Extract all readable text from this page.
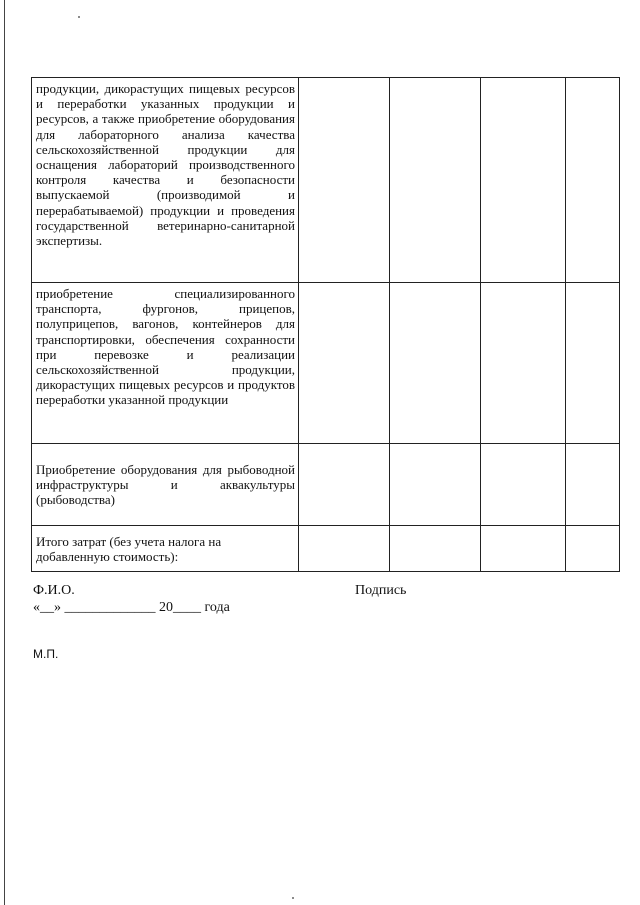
продукции, дикорастущих пищевых ресурсов и переработки указанных продукции и ресурсов, а также приобретение оборудования для лабораторного анализа качества сельскохозяйственной продукции для оснащения лабораторий производственного контроля качества и безопасности выпускаемой (производимой и перерабатываемой) продукции и проведения государственной ветеринарно-санитарной экспертизы.				
приобретение специализированного транспорта, фургонов, прицепов, полуприцепов, вагонов, контейнеров для транспортировки, обеспечения сохранности при перевозке и реализации сельскохозяйственной продукции, дикорастущих пищевых ресурсов и продуктов переработки указанной продукции				
Приобретение оборудования для рыбоводной инфраструктуры и аквакультуры (рыбоводства)				
Итого затрат (без учета налога на добавленную стоимость):				
Ф.И.О.	Подпись
«__» _____________ 20____ года
М.П.
